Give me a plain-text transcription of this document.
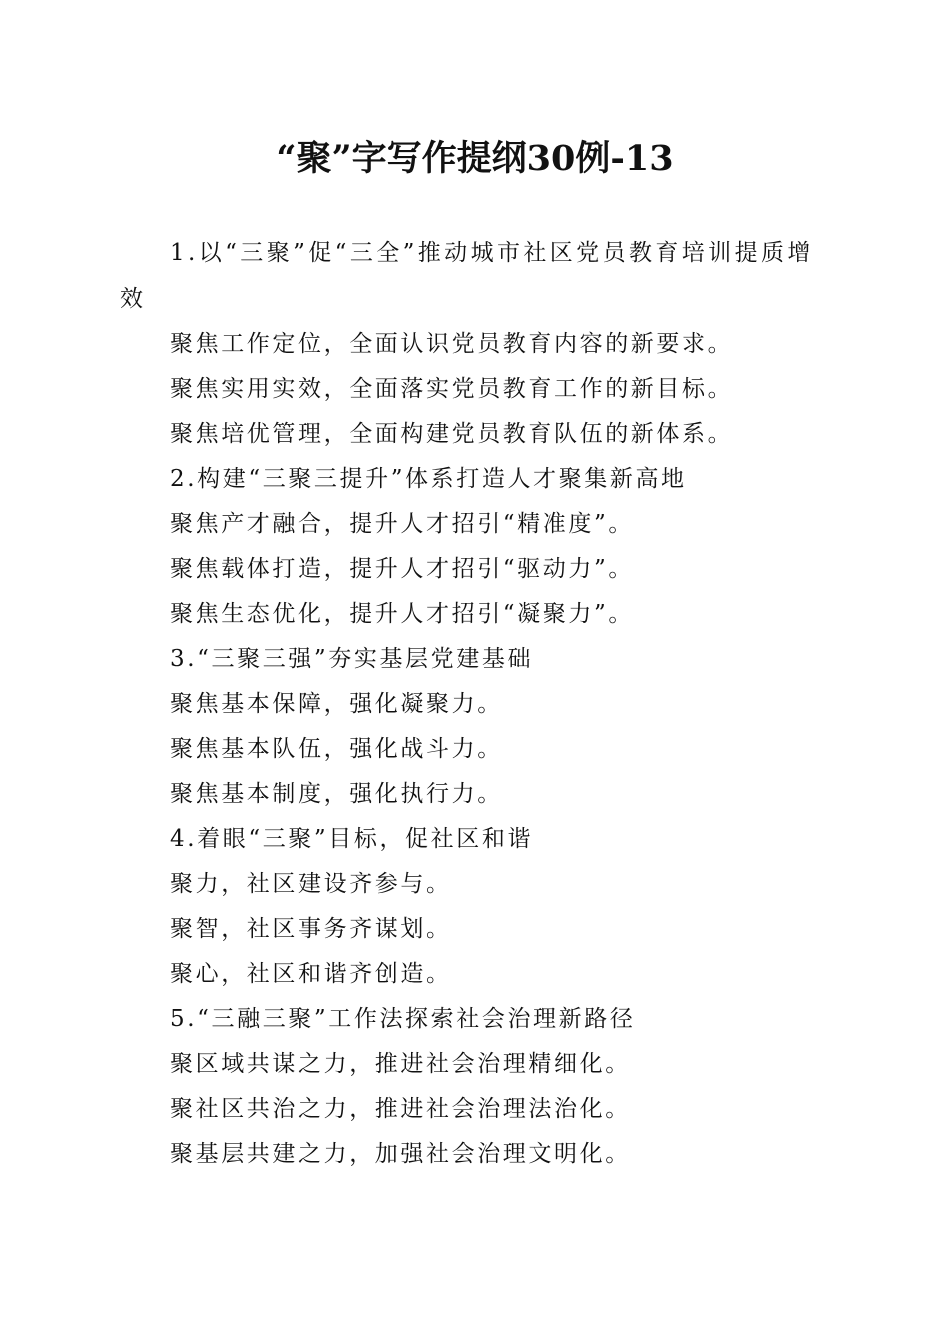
“聚”字写作提纲30例-13

1.以“三聚”促“三全”推动城市社区党员教育培训提质增效

聚焦工作定位，全面认识党员教育内容的新要求。

聚焦实用实效，全面落实党员教育工作的新目标。

聚焦培优管理，全面构建党员教育队伍的新体系。

2.构建“三聚三提升”体系打造人才聚集新高地

聚焦产才融合，提升人才招引“精准度”。

聚焦载体打造，提升人才招引“驱动力”。

聚焦生态优化，提升人才招引“凝聚力”。

3.“三聚三强”夯实基层党建基础

聚焦基本保障，强化凝聚力。

聚焦基本队伍，强化战斗力。

聚焦基本制度，强化执行力。

4.着眼“三聚”目标，促社区和谐

聚力，社区建设齐参与。

聚智，社区事务齐谋划。

聚心，社区和谐齐创造。

5.“三融三聚”工作法探索社会治理新路径

聚区域共谋之力，推进社会治理精细化。

聚社区共治之力，推进社会治理法治化。

聚基层共建之力，加强社会治理文明化。
